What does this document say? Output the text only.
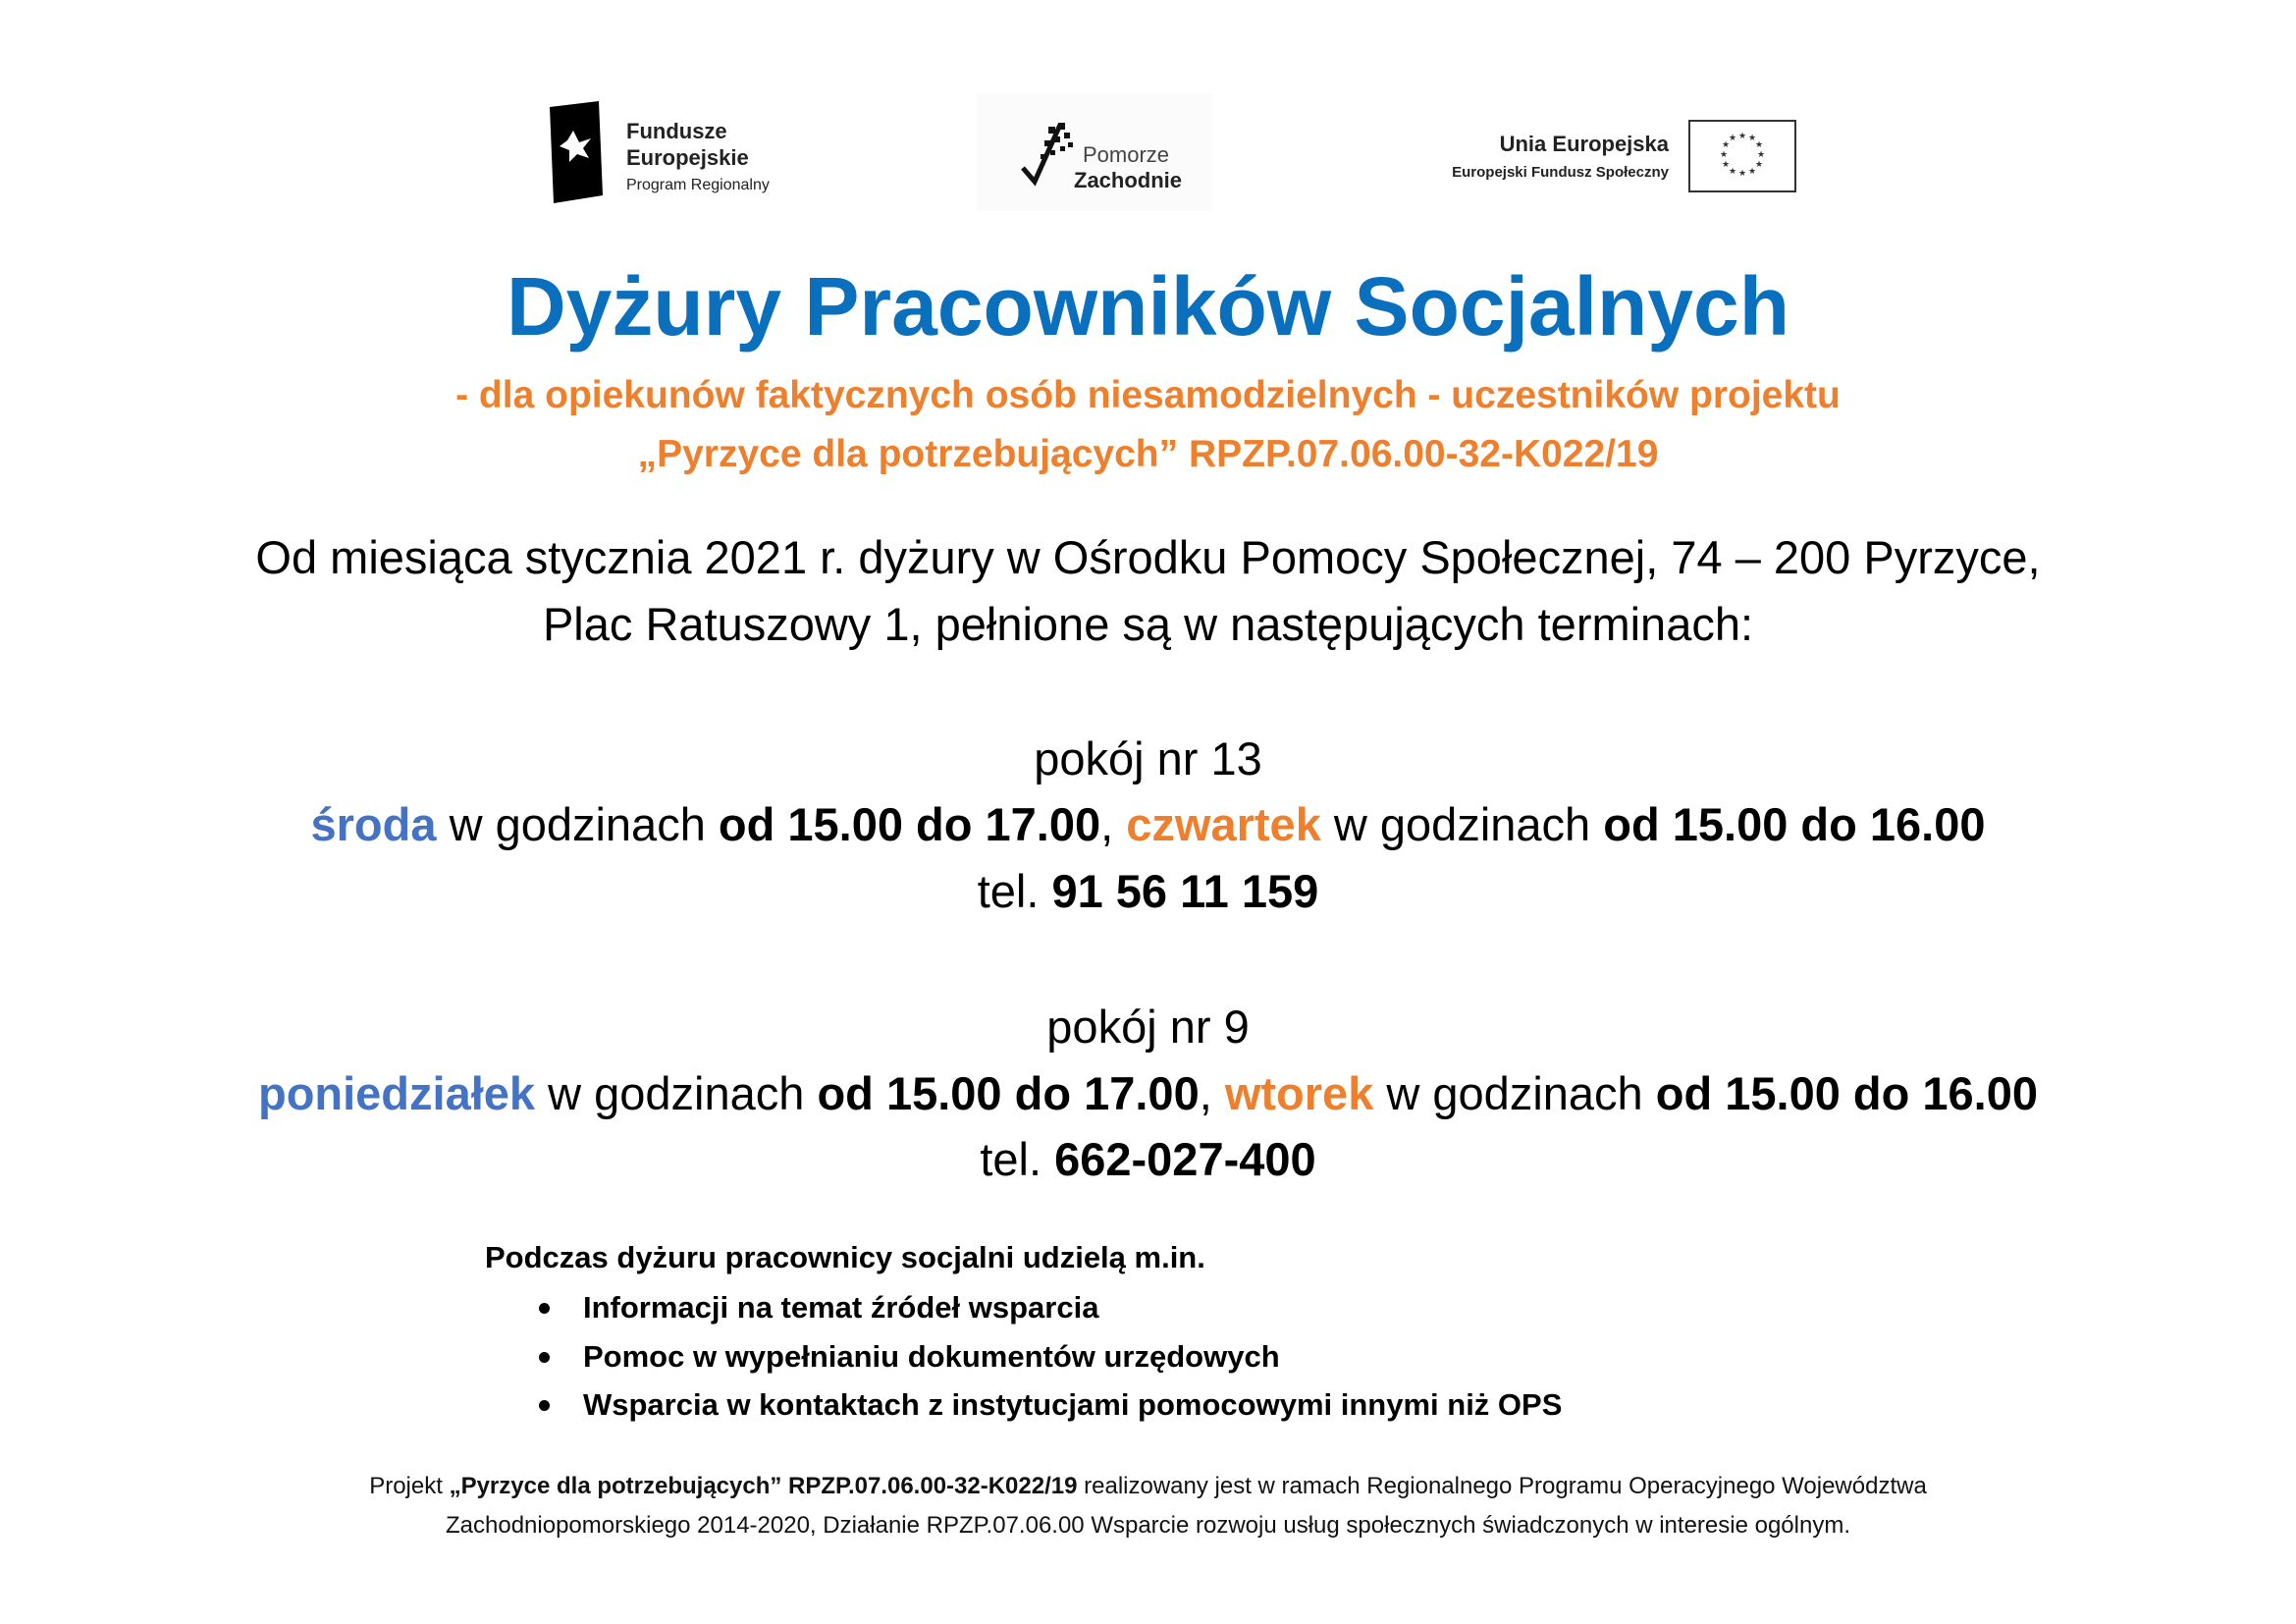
Fundusze
Europejskie
Program Regionalny
Pomorze
Zachodnie
Unia Europejska
Europejski Fundusz Społeczny
★ ★
★
★
★
★
★
★
★
★
★
★
Dyżury Pracowników Socjalnych
- dla opiekunów faktycznych osób niesamodzielnych - uczestników projektu
„Pyrzyce dla potrzebujących” RPZP.07.06.00-32-K022/19
Od miesiąca stycznia 2021 r. dyżury w Ośrodku Pomocy Społecznej, 74 – 200 Pyrzyce,
Plac Ratuszowy 1, pełnione są w następujących terminach:
pokój nr 13
środa w godzinach od 15.00 do 17.00, czwartek w godzinach od 15.00 do 16.00
tel. 91 56 11 159
pokój nr 9
poniedziałek w godzinach od 15.00 do 17.00, wtorek w godzinach od 15.00 do 16.00
tel. 662-027-400
Podczas dyżuru pracownicy socjalni udzielą m.in.
Informacji na temat źródeł wsparcia
Pomoc w wypełnianiu dokumentów urzędowych
Wsparcia w kontaktach z instytucjami pomocowymi innymi niż OPS
Projekt „Pyrzyce dla potrzebujących” RPZP.07.06.00-32-K022/19 realizowany jest w ramach Regionalnego Programu Operacyjnego Województwa
Zachodniopomorskiego 2014-2020, Działanie RPZP.07.06.00 Wsparcie rozwoju usług społecznych świadczonych w interesie ogólnym.
